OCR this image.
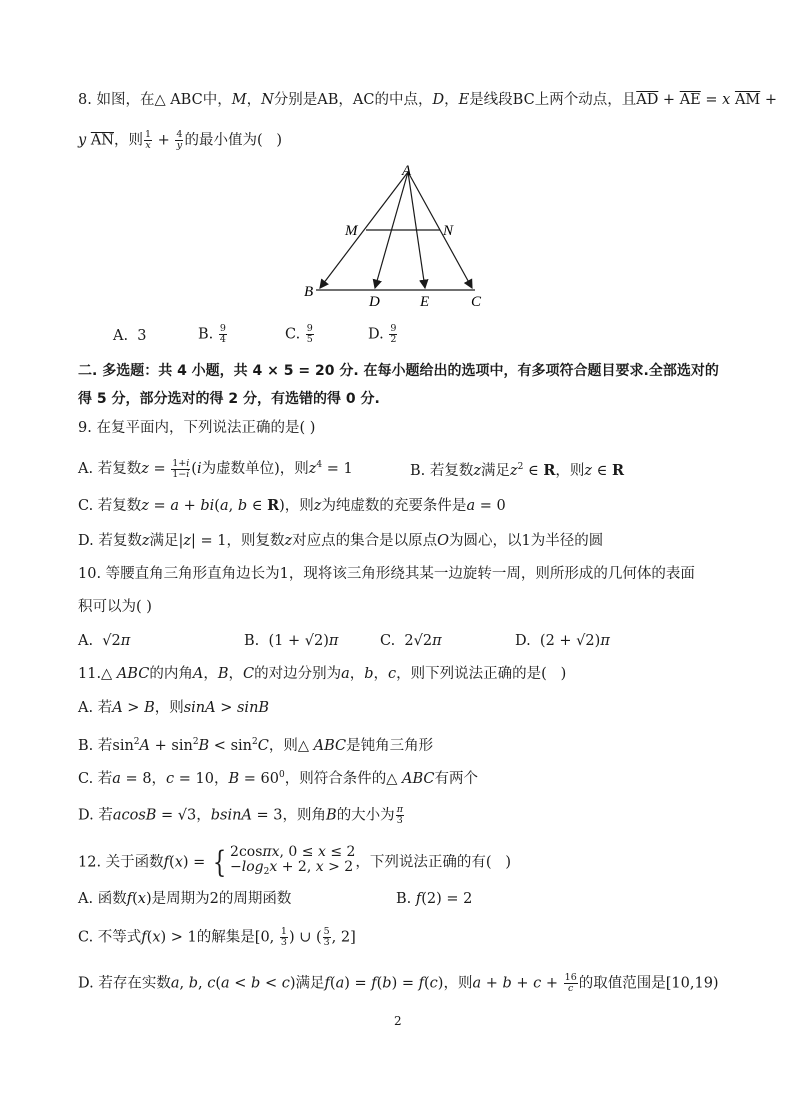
8. 如图，在△ ABC中，M，N分别是AB，AC的中点，D，E是线段BC上两个动点，且$\overline{AD} + \overline{AE} = x$ $\overline{AM}$ +
y $\overline{AN}$，则 $\frac{1}{x} + \frac{4}{y}$ 的最小值为(   )
A
M	N
B
D	E	C
A.  3	B. $\frac{9}{4}$	C. $\frac{9}{5}$	D. $\frac{9}{2}$
二. 多选题：共 4 小题，共 4 × 5 = 20 分. 在每小题给出的选项中，有多项符合题目要求.全部选对的
得 5 分，部分选对的得 2 分，有选错的得 0 分.
9. 在复平面内，下列说法正确的是( )
A. 若复数$z = \frac{1+i}{1-i} (i$为虚数单位)，则$z^4 = 1$	B. 若复数z满足$z^2$ ∈ R，则z ∈ R
C. 若复数z = a + bi(a, b ∈ R)，则z为纯虚数的充要条件是a = 0
D. 若复数z满足|z| = 1，则复数z对应点的集合是以原点O为圆心，以1为半径的圆
10. 等腰直角三角形直角边长为1，现将该三角形绕其某一边旋转一周，则所形成的几何体的表面
积可以为( )
A.  √2π	B.  (1 + √2)π	C.  2√2π	D.  (2 + √2)π
11.△ ABC的内角A，B，C的对边分别为a，b，c，则下列说法正确的是(   )
A. 若A > B，则sinA > sinB
B. 若$\sin^2A + \sin^2B < \sin^2C$，则△ ABC是钝角三角形
C. 若a = 8，c = 10，$B = 60^0$，则符合条件的△ ABC有两个
D. 若acosB = √3，bsinA = 3，则角B的大小为 $\frac{\pi}{3}$
12. 关于函数f(x) = { 2cosπx, 0 ≤ x ≤ 2
$-\log_2x + 2$, x > 2 ，下列说法正确的有(   )
A. 函数f(x)是周期为2的周期函数	B. f(2) = 2
C. 不等式f(x) > 1的解集是[0, $\frac{1}{3}$ ) ∪ ( $\frac{5}{3}$ , 2]
D. 若存在实数a, b, c(a < b < c)满足f(a) = f(b) = f(c)，则$a + b + c + \frac{16}{c}$ 的取值范围是[10,19)
2
